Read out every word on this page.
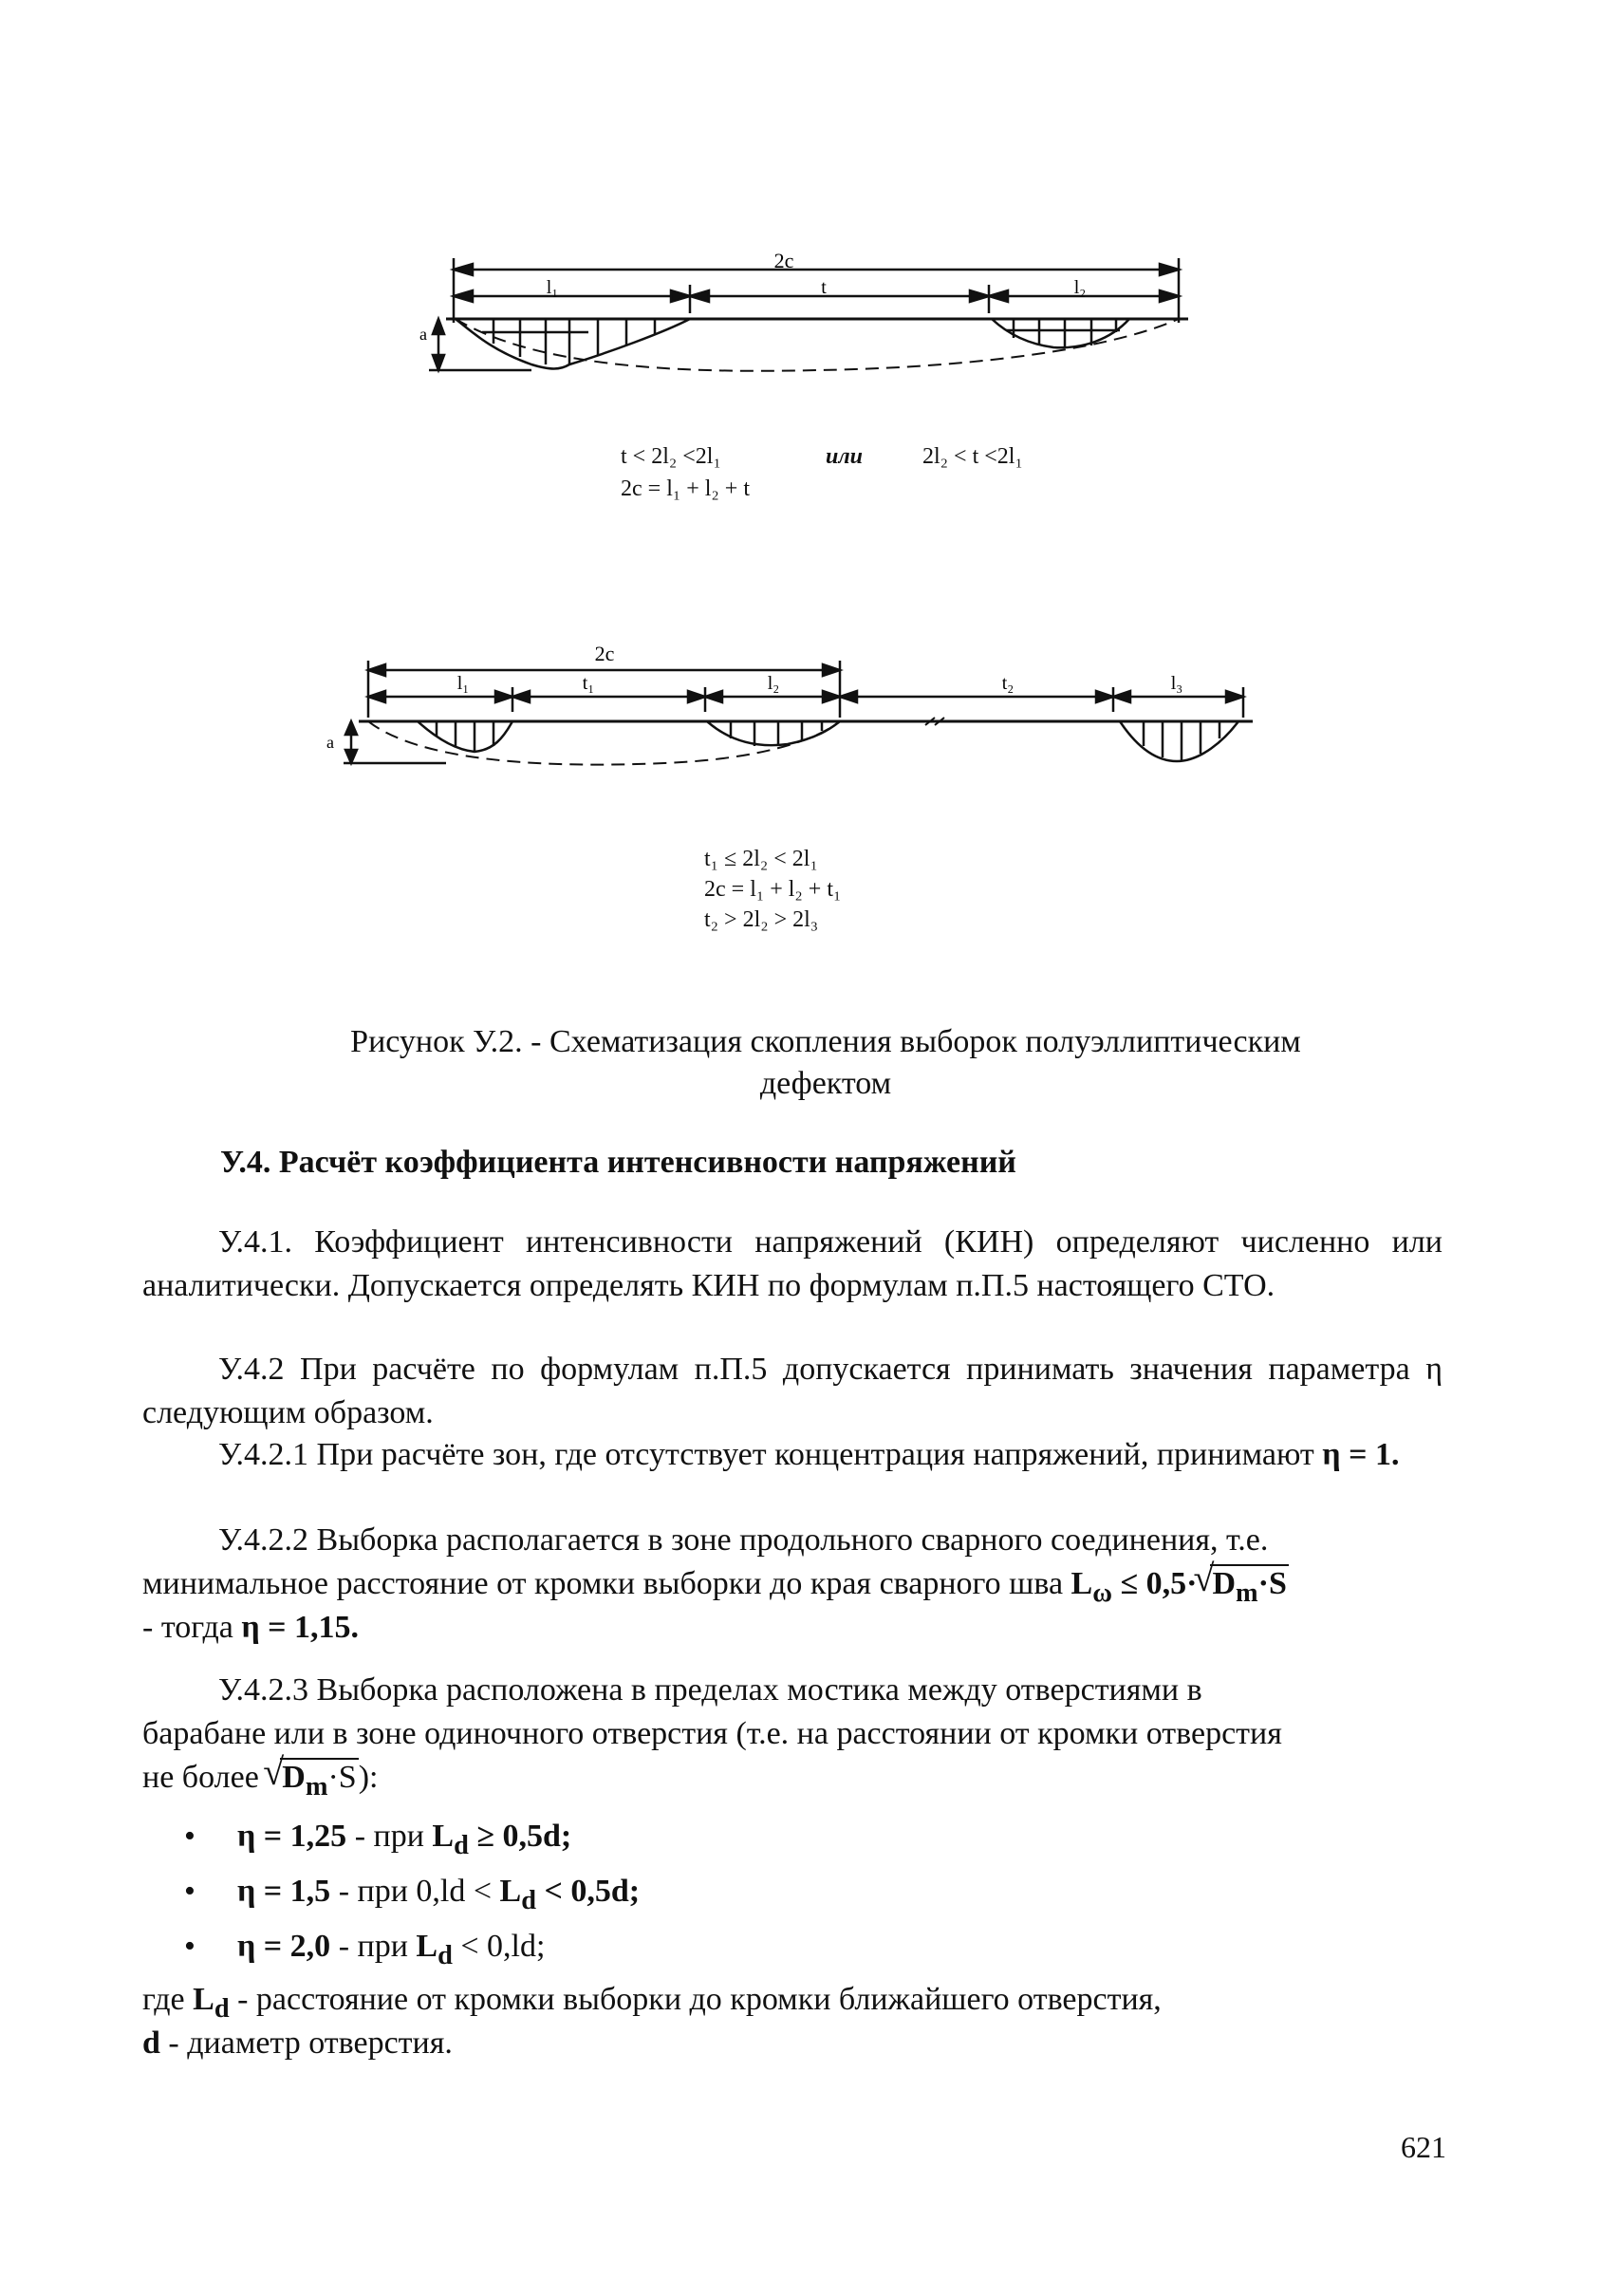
2c
l₁	t	l₂
a
t < 2l₂ <2l₁	или	2l₂ < t <2l₁
2c = l₁ + l₂ + t
2c
l₁	t₁	l₂	t₂	l₃
a
t₁ ≤ 2l₂ < 2l₁
2c = l₁ + l₂ + t₁
t₂ > 2l₂ > 2l₃
Рисунок У.2. - Схематизация скопления выборок полуэллиптическим
дефектом
У.4. Расчёт коэффициента интенсивности напряжений
У.4.1. Коэффициент интенсивности напряжений (КИН) определяют численно или аналитически. Допускается определять КИН по формулам п.П.5 настоящего СТО.
У.4.2 При расчёте по формулам п.П.5 допускается принимать значения параметра η следующим образом.
У.4.2.1 При расчёте зон, где отсутствует концентрация напряжений, принимают η = 1.
У.4.2.2 Выборка располагается в зоне продольного сварного соединения, т.е.
минимальное расстояние от кромки выборки до края сварного шва $L_\omega \le 0,5\cdot√$ $D_m\cdot S$
- тогда η = 1,15.
У.4.2.3 Выборка расположена в пределах мостика между отверстиями в
барабане или в зоне одиночного отверстия (т.е. на расстоянии от кромки отверстия
не более √ $D_m\cdot S$):
• η = 1,25 - при $L_d \ge 0,5d$;
• η = 1,5 - при $0,ld < L_d < 0,5d$;
• η = 2,0 - при $L_d < 0,ld$;
где $L_d$ - расстояние от кромки выборки до кромки ближайшего отверстия,
d - диаметр отверстия.
621
